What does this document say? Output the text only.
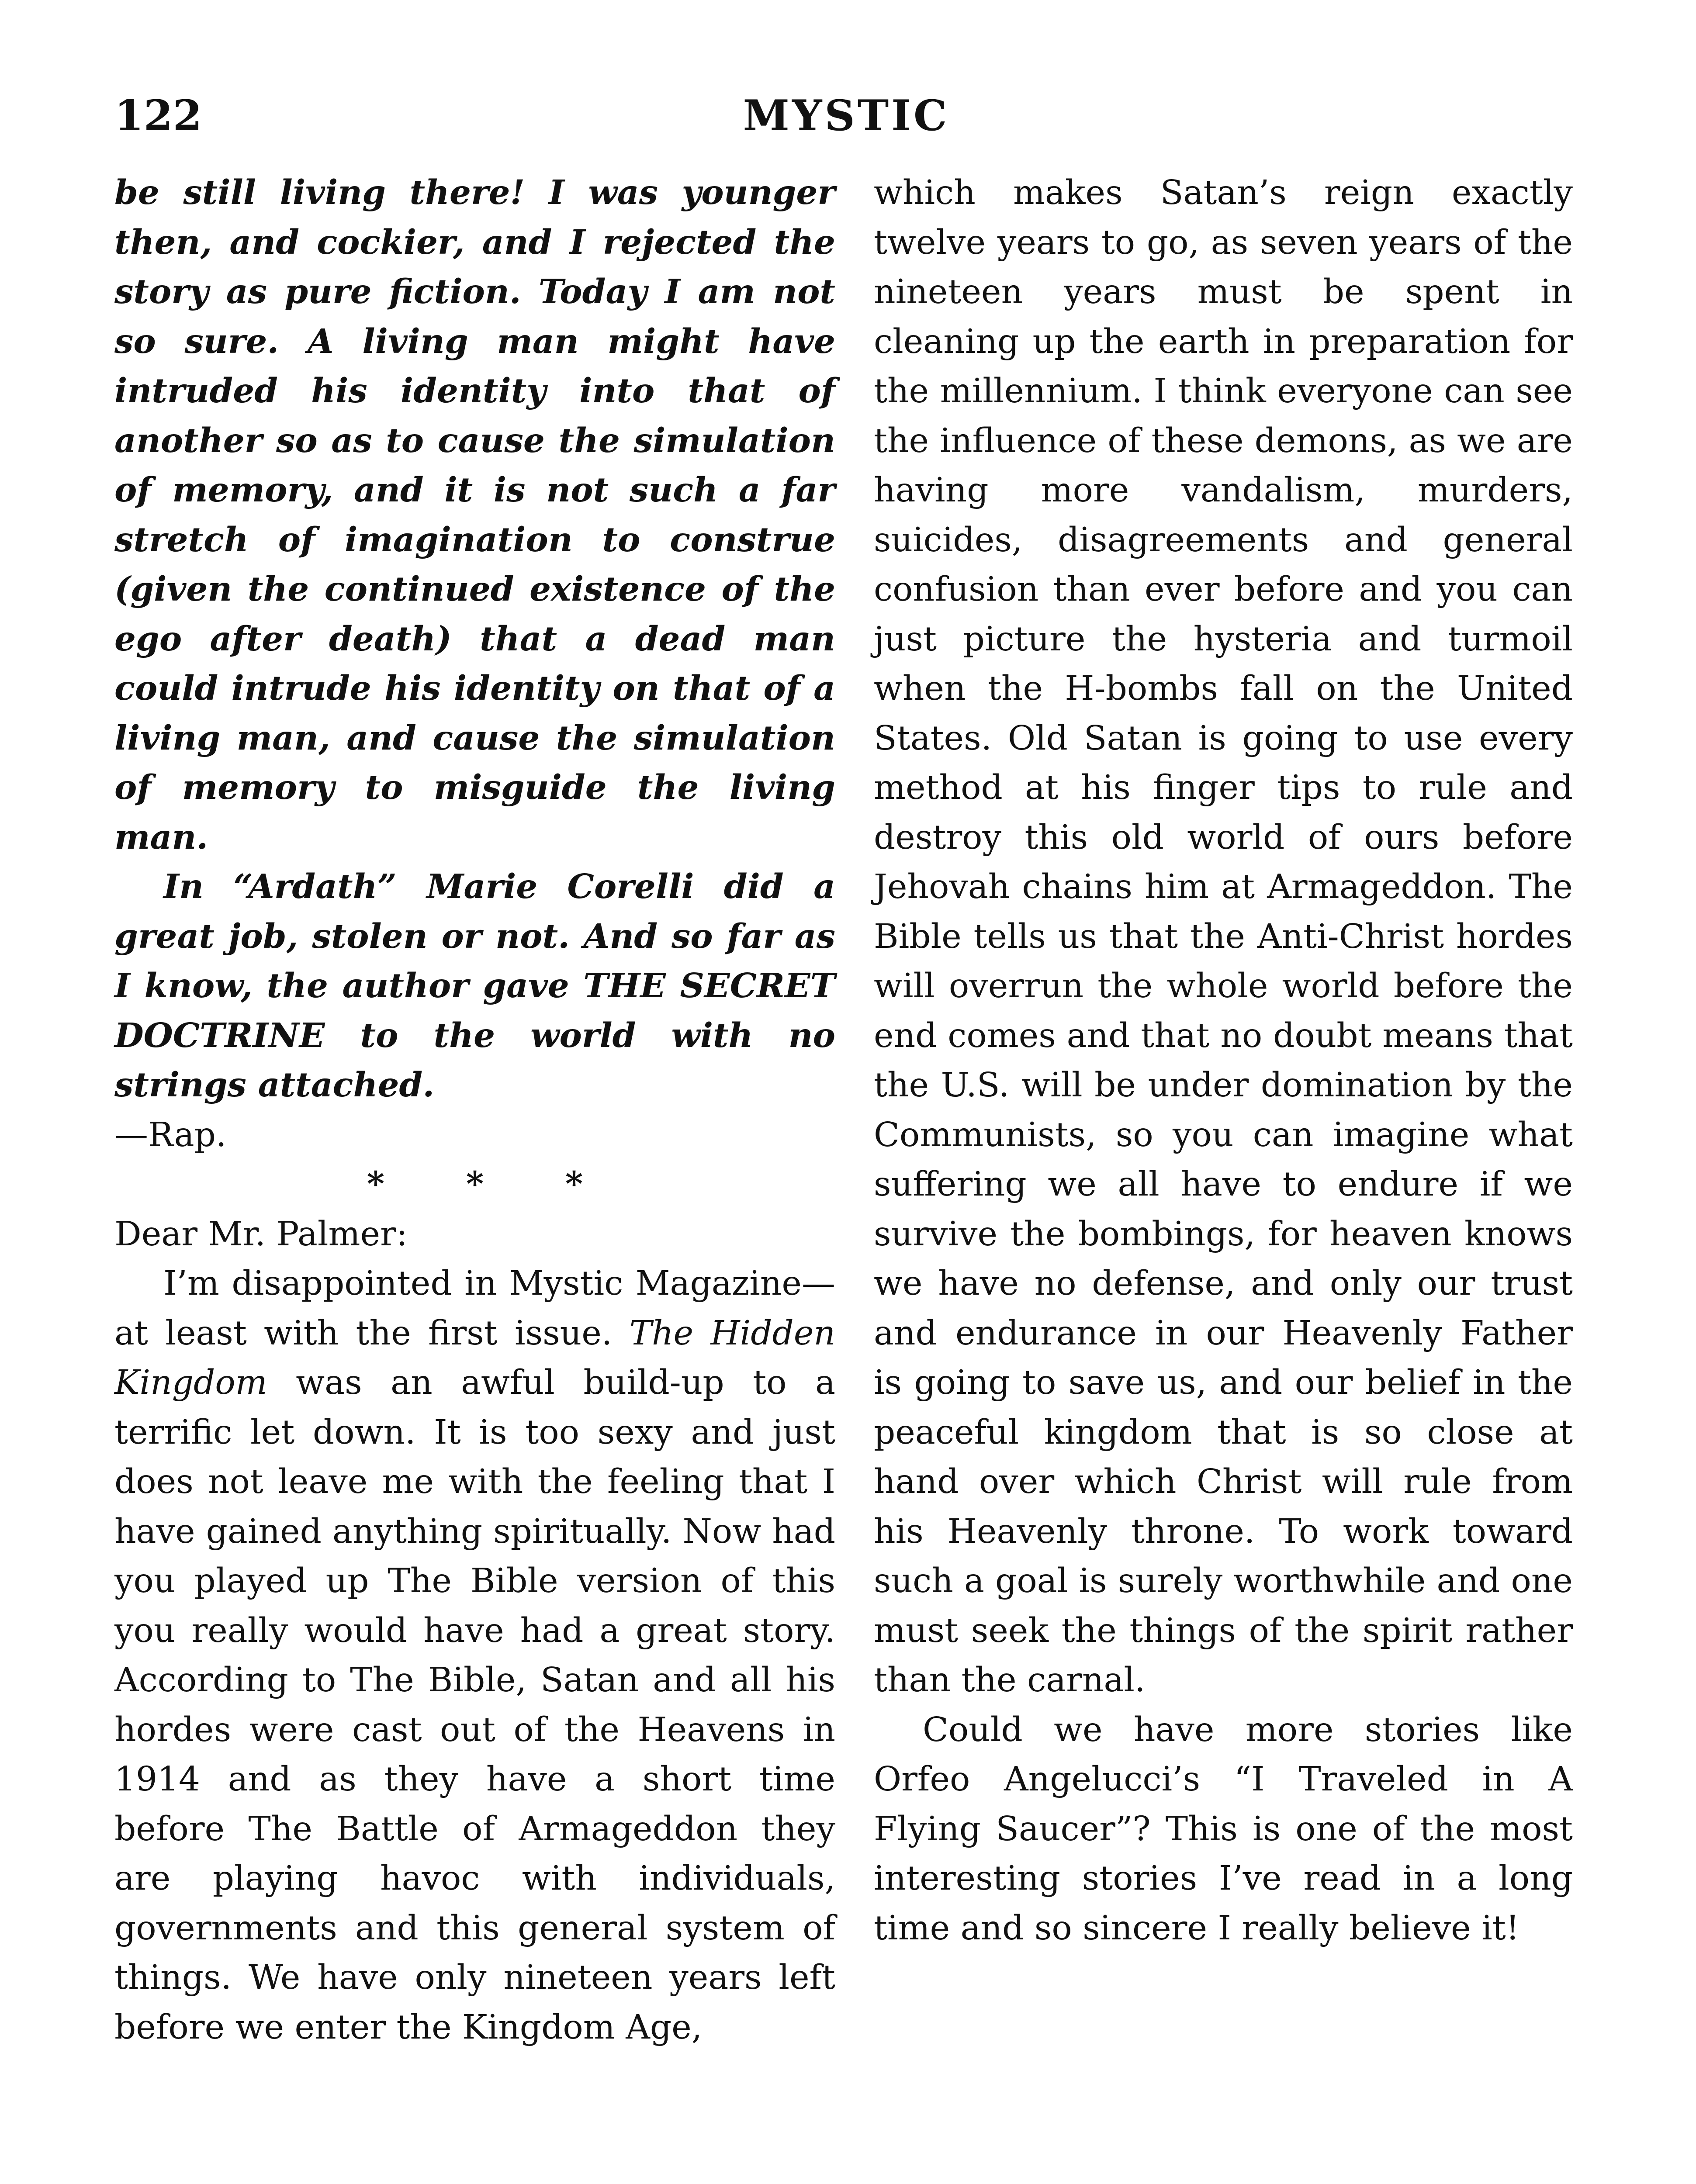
122	MYSTIC

be still living there! I was younger then, and cockier, and I rejected the story as pure fiction. Today I am not so sure. A living man might have intruded his identity into that of another so as to cause the simulation of memory, and it is not such a far stretch of imagination to construe (given the continued existence of the ego after death) that a dead man could intrude his identity on that of a living man, and cause the simulation of memory to misguide the living man.

In “Ardath” Marie Corelli did a great job, stolen or not. And so far as I know, the author gave THE SECRET DOCTRINE to the world with no strings attached.

—Rap.

* * *

Dear Mr. Palmer:

I’m disappointed in Mystic Magazine—at least with the first issue. The Hidden Kingdom was an awful build-up to a terrific let down. It is too sexy and just does not leave me with the feeling that I have gained anything spiritually. Now had you played up The Bible version of this you really would have had a great story. According to The Bible, Satan and all his hordes were cast out of the Heavens in 1914 and as they have a short time before The Battle of Armageddon they are playing havoc with individuals, governments and this general system of things. We have only nineteen years left before we enter the Kingdom Age,

which makes Satan’s reign exactly twelve years to go, as seven years of the nineteen years must be spent in cleaning up the earth in preparation for the millennium. I think everyone can see the influence of these demons, as we are having more vandalism, murders, suicides, disagreements and general confusion than ever before and you can just picture the hysteria and turmoil when the H-bombs fall on the United States. Old Satan is going to use every method at his finger tips to rule and destroy this old world of ours before Jehovah chains him at Armageddon. The Bible tells us that the Anti-Christ hordes will overrun the whole world before the end comes and that no doubt means that the U.S. will be under domination by the Communists, so you can imagine what suffering we all have to endure if we survive the bombings, for heaven knows we have no defense, and only our trust and endurance in our Heavenly Father is going to save us, and our belief in the peaceful kingdom that is so close at hand over which Christ will rule from his Heavenly throne. To work toward such a goal is surely worthwhile and one must seek the things of the spirit rather than the carnal.

Could we have more stories like Orfeo Angelucci’s “I Traveled in A Flying Saucer”? This is one of the most interesting stories I’ve read in a long time and so sincere I really believe it!
